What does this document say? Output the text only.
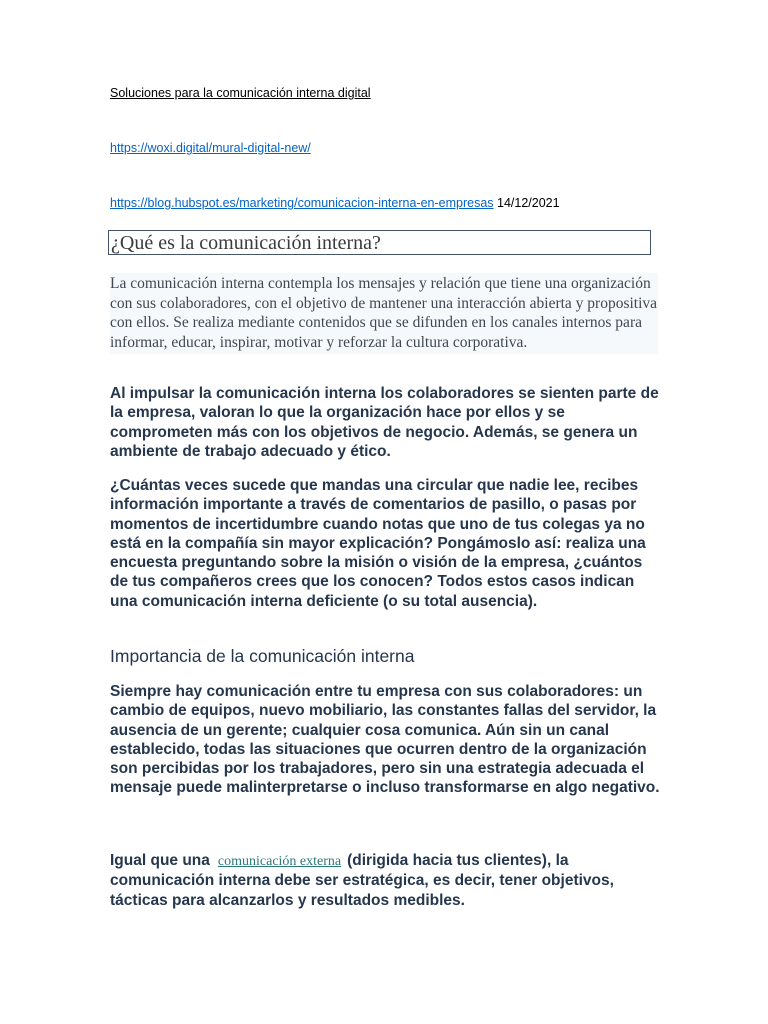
Soluciones para la comunicación interna digital
https://woxi.digital/mural-digital-new/
https://blog.hubspot.es/marketing/comunicacion-interna-en-empresas 14/12/2021
¿Qué es la comunicación interna?
La comunicación interna contempla los mensajes y relación que tiene una organización con sus colaboradores, con el objetivo de mantener una interacción abierta y propositiva con ellos. Se realiza mediante contenidos que se difunden en los canales internos para informar, educar, inspirar, motivar y reforzar la cultura corporativa.

Al impulsar la comunicación interna los colaboradores se sienten parte de la empresa, valoran lo que la organización hace por ellos y se comprometen más con los objetivos de negocio. Además, se genera un ambiente de trabajo adecuado y ético.

¿Cuántas veces sucede que mandas una circular que nadie lee, recibes información importante a través de comentarios de pasillo, o pasas por momentos de incertidumbre cuando notas que uno de tus colegas ya no está en la compañía sin mayor explicación? Pongámoslo así: realiza una encuesta preguntando sobre la misión o visión de la empresa, ¿cuántos de tus compañeros crees que los conocen? Todos estos casos indican una comunicación interna deficiente (o su total ausencia).

Importancia de la comunicación interna

Siempre hay comunicación entre tu empresa con sus colaboradores: un cambio de equipos, nuevo mobiliario, las constantes fallas del servidor, la ausencia de un gerente; cualquier cosa comunica. Aún sin un canal establecido, todas las situaciones que ocurren dentro de la organización son percibidas por los trabajadores, pero sin una estrategia adecuada el mensaje puede malinterpretarse o incluso transformarse en algo negativo.

Igual que una comunicación externa (dirigida hacia tus clientes), la comunicación interna debe ser estratégica, es decir, tener objetivos, tácticas para alcanzarlos y resultados medibles.
